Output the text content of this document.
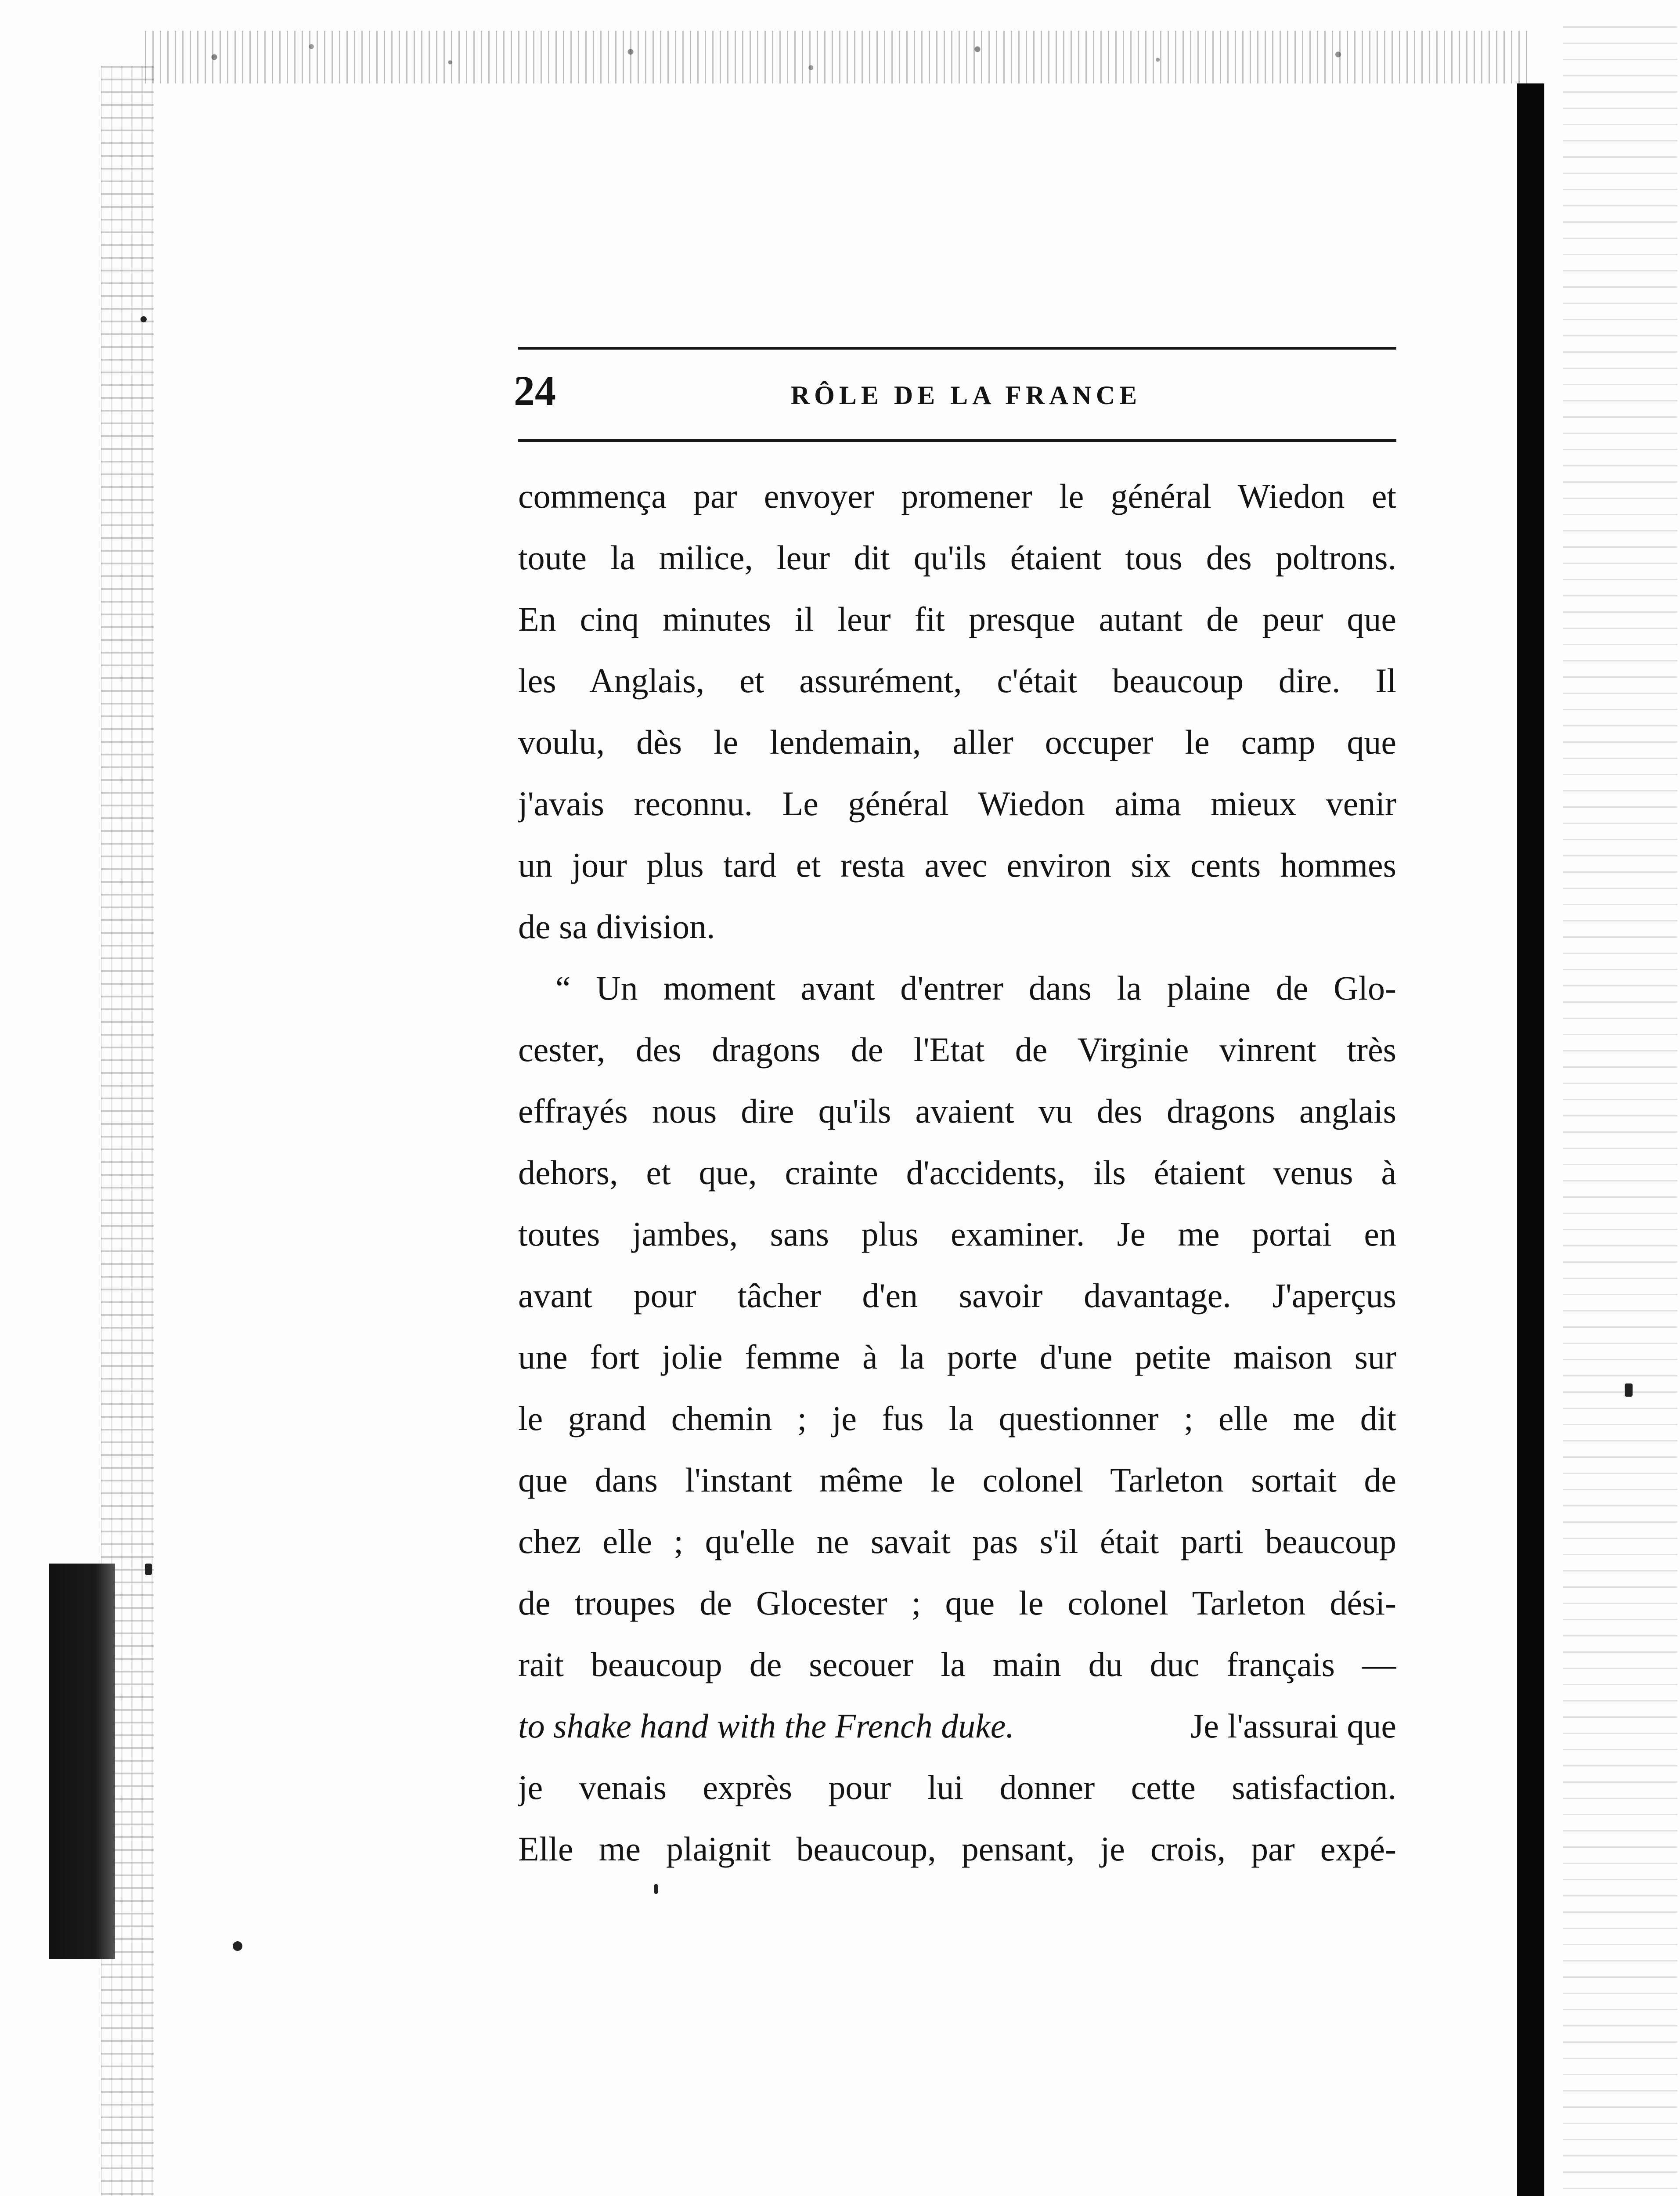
24	RÔLE DE LA FRANCE
commença par envoyer promener le général Wiedon et
toute la milice, leur dit qu'ils étaient tous des poltrons.
En cinq minutes il leur fit presque autant de peur que
les Anglais, et assurément, c'était beaucoup dire. Il
voulu, dès le lendemain, aller occuper le camp que
j'avais reconnu. Le général Wiedon aima mieux venir
un jour plus tard et resta avec environ six cents hommes
de sa division.
“ Un moment avant d'entrer dans la plaine de Glo-
cester, des dragons de l'Etat de Virginie vinrent très
effrayés nous dire qu'ils avaient vu des dragons anglais
dehors, et que, crainte d'accidents, ils étaient venus à
toutes jambes, sans plus examiner. Je me portai en
avant pour tâcher d'en savoir davantage. J'aperçus
une fort jolie femme à la porte d'une petite maison sur
le grand chemin ; je fus la questionner ; elle me dit
que dans l'instant même le colonel Tarleton sortait de
chez elle ; qu'elle ne savait pas s'il était parti beaucoup
de troupes de Glocester ; que le colonel Tarleton dési-
rait beaucoup de secouer la main du duc français —
to shake hand with the French duke.	Je l'assurai que
je venais exprès pour lui donner cette satisfaction.
Elle me plaignit beaucoup, pensant, je crois, par expé-
